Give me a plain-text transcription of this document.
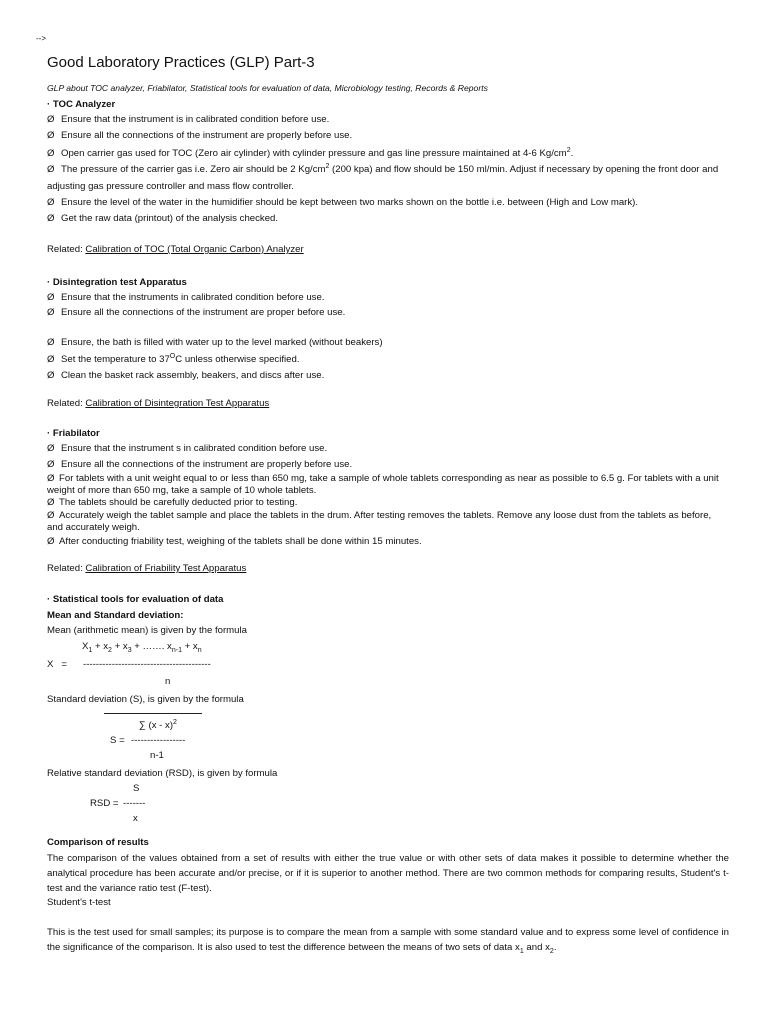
-->
Good Laboratory Practices (GLP) Part-3

GLP about TOC analyzer, Friabilator, Statistical tools for evaluation of data, Microbiology testing, Records & Reports

· TOC Analyzer

Ø Ensure that the instrument is in calibrated condition before use.
Ø Ensure all the connections of the instrument are properly before use.
Ø Open carrier gas used for TOC (Zero air cylinder) with cylinder pressure and gas line pressure maintained at 4-6 $Kg/cm^2$.
Ø The pressure of the carrier gas i.e. Zero air should be 2 $Kg/cm^2$ (200 kpa) and flow should be 150 ml/min. Adjust if necessary by opening the front door and adjusting gas pressure controller and mass flow controller.
Ø Ensure the level of the water in the humidifier should be kept between two marks shown on the bottle i.e. between (High and Low mark).
Ø Get the raw data (printout) of the analysis checked.

Related: Calibration of TOC (Total Organic Carbon) Analyzer

· Disintegration test Apparatus

Ø Ensure that the instruments in calibrated condition before use.
Ø Ensure all the connections of the instrument are proper before use.
Ø Ensure, the bath is filled with water up to the level marked (without beakers)
Ø Set the temperature to $37^OC$ unless otherwise specified.
Ø Clean the basket rack assembly, beakers, and discs after use.

Related: Calibration of Disintegration Test Apparatus

· Friabilator

Ø Ensure that the instrument s in calibrated condition before use.
Ø Ensure all the connections of the instrument are properly before use.
Ø For tablets with a unit weight equal to or less than 650 mg, take a sample of whole tablets corresponding as near as possible to 6.5 g. For tablets with a unit weight of more than 650 mg, take a sample of 10 whole tablets.
Ø The tablets should be carefully deducted prior to testing.
Ø Accurately weigh the tablet sample and place the tablets in the drum. After testing removes the tablets. Remove any loose dust from the tablets as before, and accurately weigh.
Ø After conducting friability test, weighing of the tablets shall be done within 15 minutes.

Related: Calibration of Friability Test Apparatus

· Statistical tools for evaluation of data

Mean and Standard deviation:

Mean (arithmetic mean) is given by the formula

$X_1 + x_2 + x_3$ + ……. $x_{n-1} + x_n$
X   = ----------------------------------------
n

Standard deviation (S), is given by the formula

∑ (x - x)$^2$
S = -----------------
n-1

Relative standard deviation (RSD), is given by formula

S
RSD = -------
x

Comparison of results

The comparison of the values obtained from a set of results with either the true value or with other sets of data makes it possible to determine whether the analytical procedure has been accurate and/or precise, or if it is superior to another method. There are two common methods for comparing results, Student's t-test and the variance ratio test (F-test).

Student's t-test

This is the test used for small samples; its purpose is to compare the mean from a sample with some standard value and to express some level of confidence in the significance of the comparison. It is also used to test the difference between the means of two sets of data $x_1$ and $x_2$.
